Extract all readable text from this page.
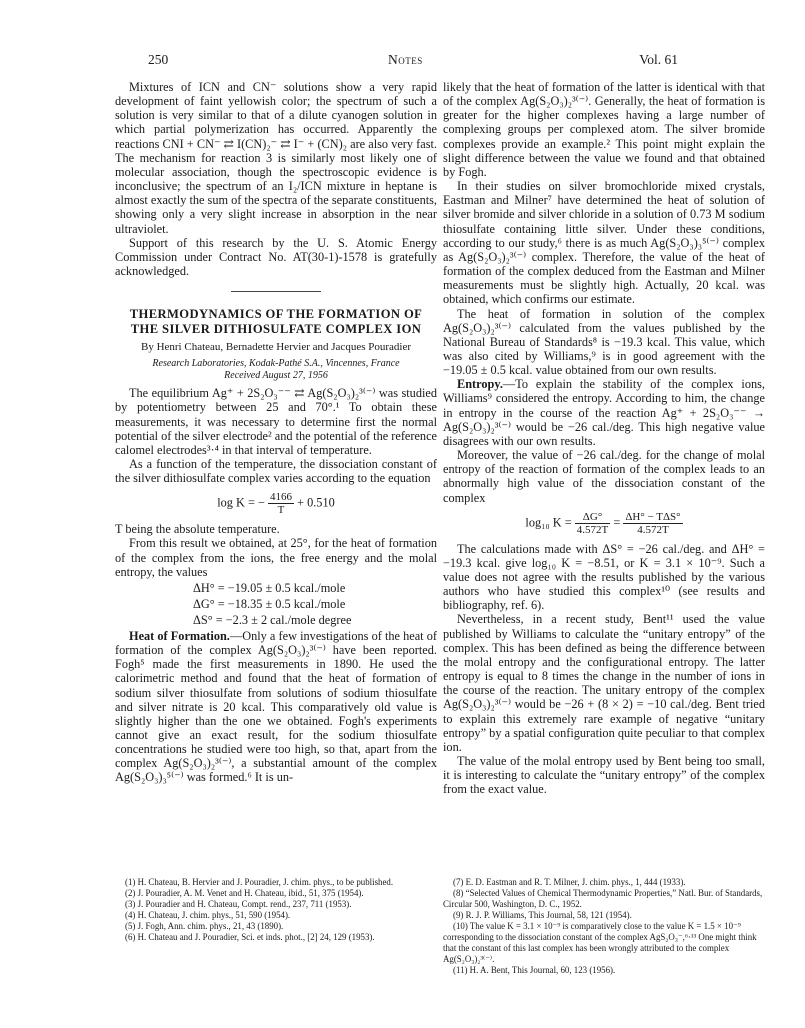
250	Notes	Vol. 61

Mixtures of ICN and CN⁻ solutions show a very rapid development of faint yellowish color; the spectrum of such a solution is very similar to that of a dilute cyanogen solution in which partial polymerization has occurred. Apparently the reactions CNI + CN⁻ ⇄ I(CN)₂⁻ ⇄ I⁻ + (CN)₂ are also very fast. The mechanism for reaction 3 is similarly most likely one of molecular association, though the spectroscopic evidence is inconclusive; the spectrum of an I₂/ICN mixture in heptane is almost exactly the sum of the spectra of the separate constituents, showing only a very slight increase in absorption in the near ultraviolet.

Support of this research by the U. S. Atomic Energy Commission under Contract No. AT(30-1)-1578 is gratefully acknowledged.

THERMODYNAMICS OF THE FORMATION OF THE SILVER DITHIOSULFATE COMPLEX ION

By Henri Chateau, Bernadette Hervier and Jacques Pouradier

Research Laboratories, Kodak-Pathé S.A., Vincennes, France

Received August 27, 1956

The equilibrium Ag⁺ + 2S₂O₃⁻⁻ ⇄ Ag(S₂O₃)₂³⁽⁻⁾ was studied by potentiometry between 25 and 70°.¹ To obtain these measurements, it was necessary to determine first the normal potential of the silver electrode² and the potential of the reference calomel electrodes³·⁴ in that interval of temperature.

As a function of the temperature, the dissociation constant of the silver dithiosulfate complex varies according to the equation

log K = − $\frac{4166}{T} + 0.510$

T being the absolute temperature.

From this result we obtained, at 25°, for the heat of formation of the complex from the ions, the free energy and the molal entropy, the values

ΔH° = −19.05 ± 0.5 kcal./mole
ΔG° = −18.35 ± 0.5 kcal./mole
ΔS° = −2.3 ± 2 cal./mole degree

Heat of Formation.—Only a few investigations of the heat of formation of the complex Ag(S₂O₃)₂³⁽⁻⁾ have been reported. Fogh⁵ made the first measurements in 1890. He used the calorimetric method and found that the heat of formation of sodium silver thiosulfate from solutions of sodium thiosulfate and silver nitrate is 20 kcal. This comparatively old value is slightly higher than the one we obtained. Fogh's experiments cannot give an exact result, for the sodium thiosulfate concentrations he studied were too high, so that, apart from the complex Ag(S₂O₃)₂³⁽⁻⁾, a substantial amount of the complex Ag(S₂O₃)₃⁵⁽⁻⁾ was formed.⁶ It is un-

likely that the heat of formation of the latter is identical with that of the complex Ag(S₂O₃)₂³⁽⁻⁾. Generally, the heat of formation is greater for the higher complexes having a large number of complexing groups per complexed atom. The silver bromide complexes provide an example.² This point might explain the slight difference between the value we found and that obtained by Fogh.

In their studies on silver bromochloride mixed crystals, Eastman and Milner⁷ have determined the heat of solution of silver bromide and silver chloride in a solution of 0.73 M sodium thiosulfate containing little silver. Under these conditions, according to our study,⁶ there is as much Ag(S₂O₃)₃⁵⁽⁻⁾ complex as Ag(S₂O₃)₂³⁽⁻⁾ complex. Therefore, the value of the heat of formation of the complex deduced from the Eastman and Milner measurements must be slightly high. Actually, 20 kcal. was obtained, which confirms our estimate.

The heat of formation in solution of the complex Ag(S₂O₃)₂³⁽⁻⁾ calculated from the values published by the National Bureau of Standards⁸ is −19.3 kcal. This value, which was also cited by Williams,⁹ is in good agreement with the −19.05 ± 0.5 kcal. value obtained from our own results.

Entropy.—To explain the stability of the complex ions, Williams⁹ considered the entropy. According to him, the change in entropy in the course of the reaction Ag⁺ + 2S₂O₃⁻⁻ → Ag(S₂O₃)₂³⁽⁻⁾ would be −26 cal./deg. This high negative value disagrees with our own results.

Moreover, the value of −26 cal./deg. for the change of molal entropy of the reaction of formation of the complex leads to an abnormally high value of the dissociation constant of the complex

log₁₀ $K = \frac{\Delta G^\circ}{4.572T} = \frac{\text{ΔH° − TΔS°}}{4.572T}$

The calculations made with ΔS° = −26 cal./deg. and ΔH° = −19.3 kcal. give log₁₀ K = −8.51, or K = 3.1 × 10⁻⁹. Such a value does not agree with the results published by the various authors who have studied this complex¹⁰ (see results and bibliography, ref. 6).

Nevertheless, in a recent study, Bent¹¹ used the value published by Williams to calculate the “unitary entropy” of the complex. This has been defined as being the difference between the molal entropy and the configurational entropy. The latter entropy is equal to 8 times the change in the number of ions in the course of the reaction. The unitary entropy of the complex Ag(S₂O₃)₂³⁽⁻⁾ would be −26 + (8 × 2) = −10 cal./deg. Bent tried to explain this extremely rare example of negative “unitary entropy” by a spatial configuration quite peculiar to that complex ion.

The value of the molal entropy used by Bent being too small, it is interesting to calculate the “unitary entropy” of the complex from the exact value.

(1) H. Chateau, B. Hervier and J. Pouradier, J. chim. phys., to be published.
(2) J. Pouradier, A. M. Venet and H. Chateau, ibid., 51, 375 (1954).
(3) J. Pouradier and H. Chateau, Compt. rend., 237, 711 (1953).
(4) H. Chateau, J. chim. phys., 51, 590 (1954).
(5) J. Fogh, Ann. chim. phys., 21, 43 (1890).
(6) H. Chateau and J. Pouradier, Sci. et inds. phot., [2] 24, 129 (1953).
(7) E. D. Eastman and R. T. Milner, J. chim. phys., 1, 444 (1933).
(8) “Selected Values of Chemical Thermodynamic Properties,” Natl. Bur. of Standards, Circular 500, Washington, D. C., 1952.
(9) R. J. P. Williams, This Journal, 58, 121 (1954).
(10) The value K = 3.1 × 10⁻⁹ is comparatively close to the value K = 1.5 × 10⁻⁹ corresponding to the dissociation constant of the complex AgS₂O₃⁻,⁶·¹³ One might think that the constant of this last complex has been wrongly attributed to the complex Ag(S₂O₃)₂³⁽⁻⁾.
(11) H. A. Bent, This Journal, 60, 123 (1956).
